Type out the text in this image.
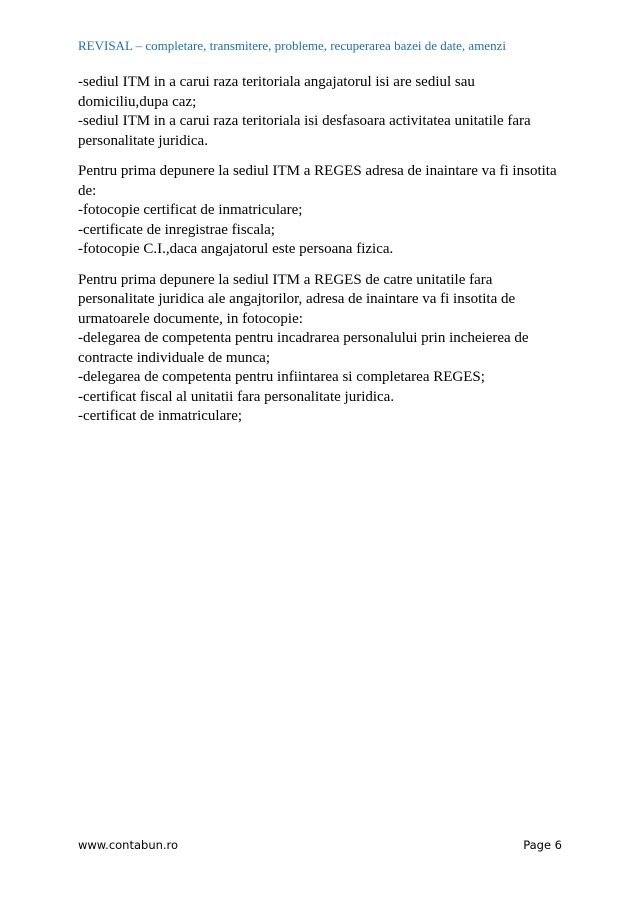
REVISAL – completare, transmitere, probleme, recuperarea bazei de date, amenzi
-sediul ITM in a carui raza teritoriala angajatorul isi are sediul sau
domiciliu,dupa caz;
-sediul ITM in a carui raza teritoriala isi desfasoara activitatea unitatile fara
personalitate juridica.
Pentru prima depunere la sediul ITM a REGES adresa de inaintare va fi insotita
de:
-fotocopie certificat de inmatriculare;
-certificate de inregistrae fiscala;
-fotocopie C.I.,daca angajatorul este persoana fizica.
Pentru prima depunere la sediul ITM a REGES de catre unitatile fara
personalitate juridica ale angajtorilor, adresa de inaintare va fi insotita de
urmatoarele documente, in fotocopie:
-delegarea de competenta pentru incadrarea personalului prin incheierea de
contracte individuale de munca;
-delegarea de competenta pentru infiintarea si completarea REGES;
-certificat fiscal al unitatii fara personalitate juridica.
-certificat de inmatriculare;
www.contabun.ro	Page 6
